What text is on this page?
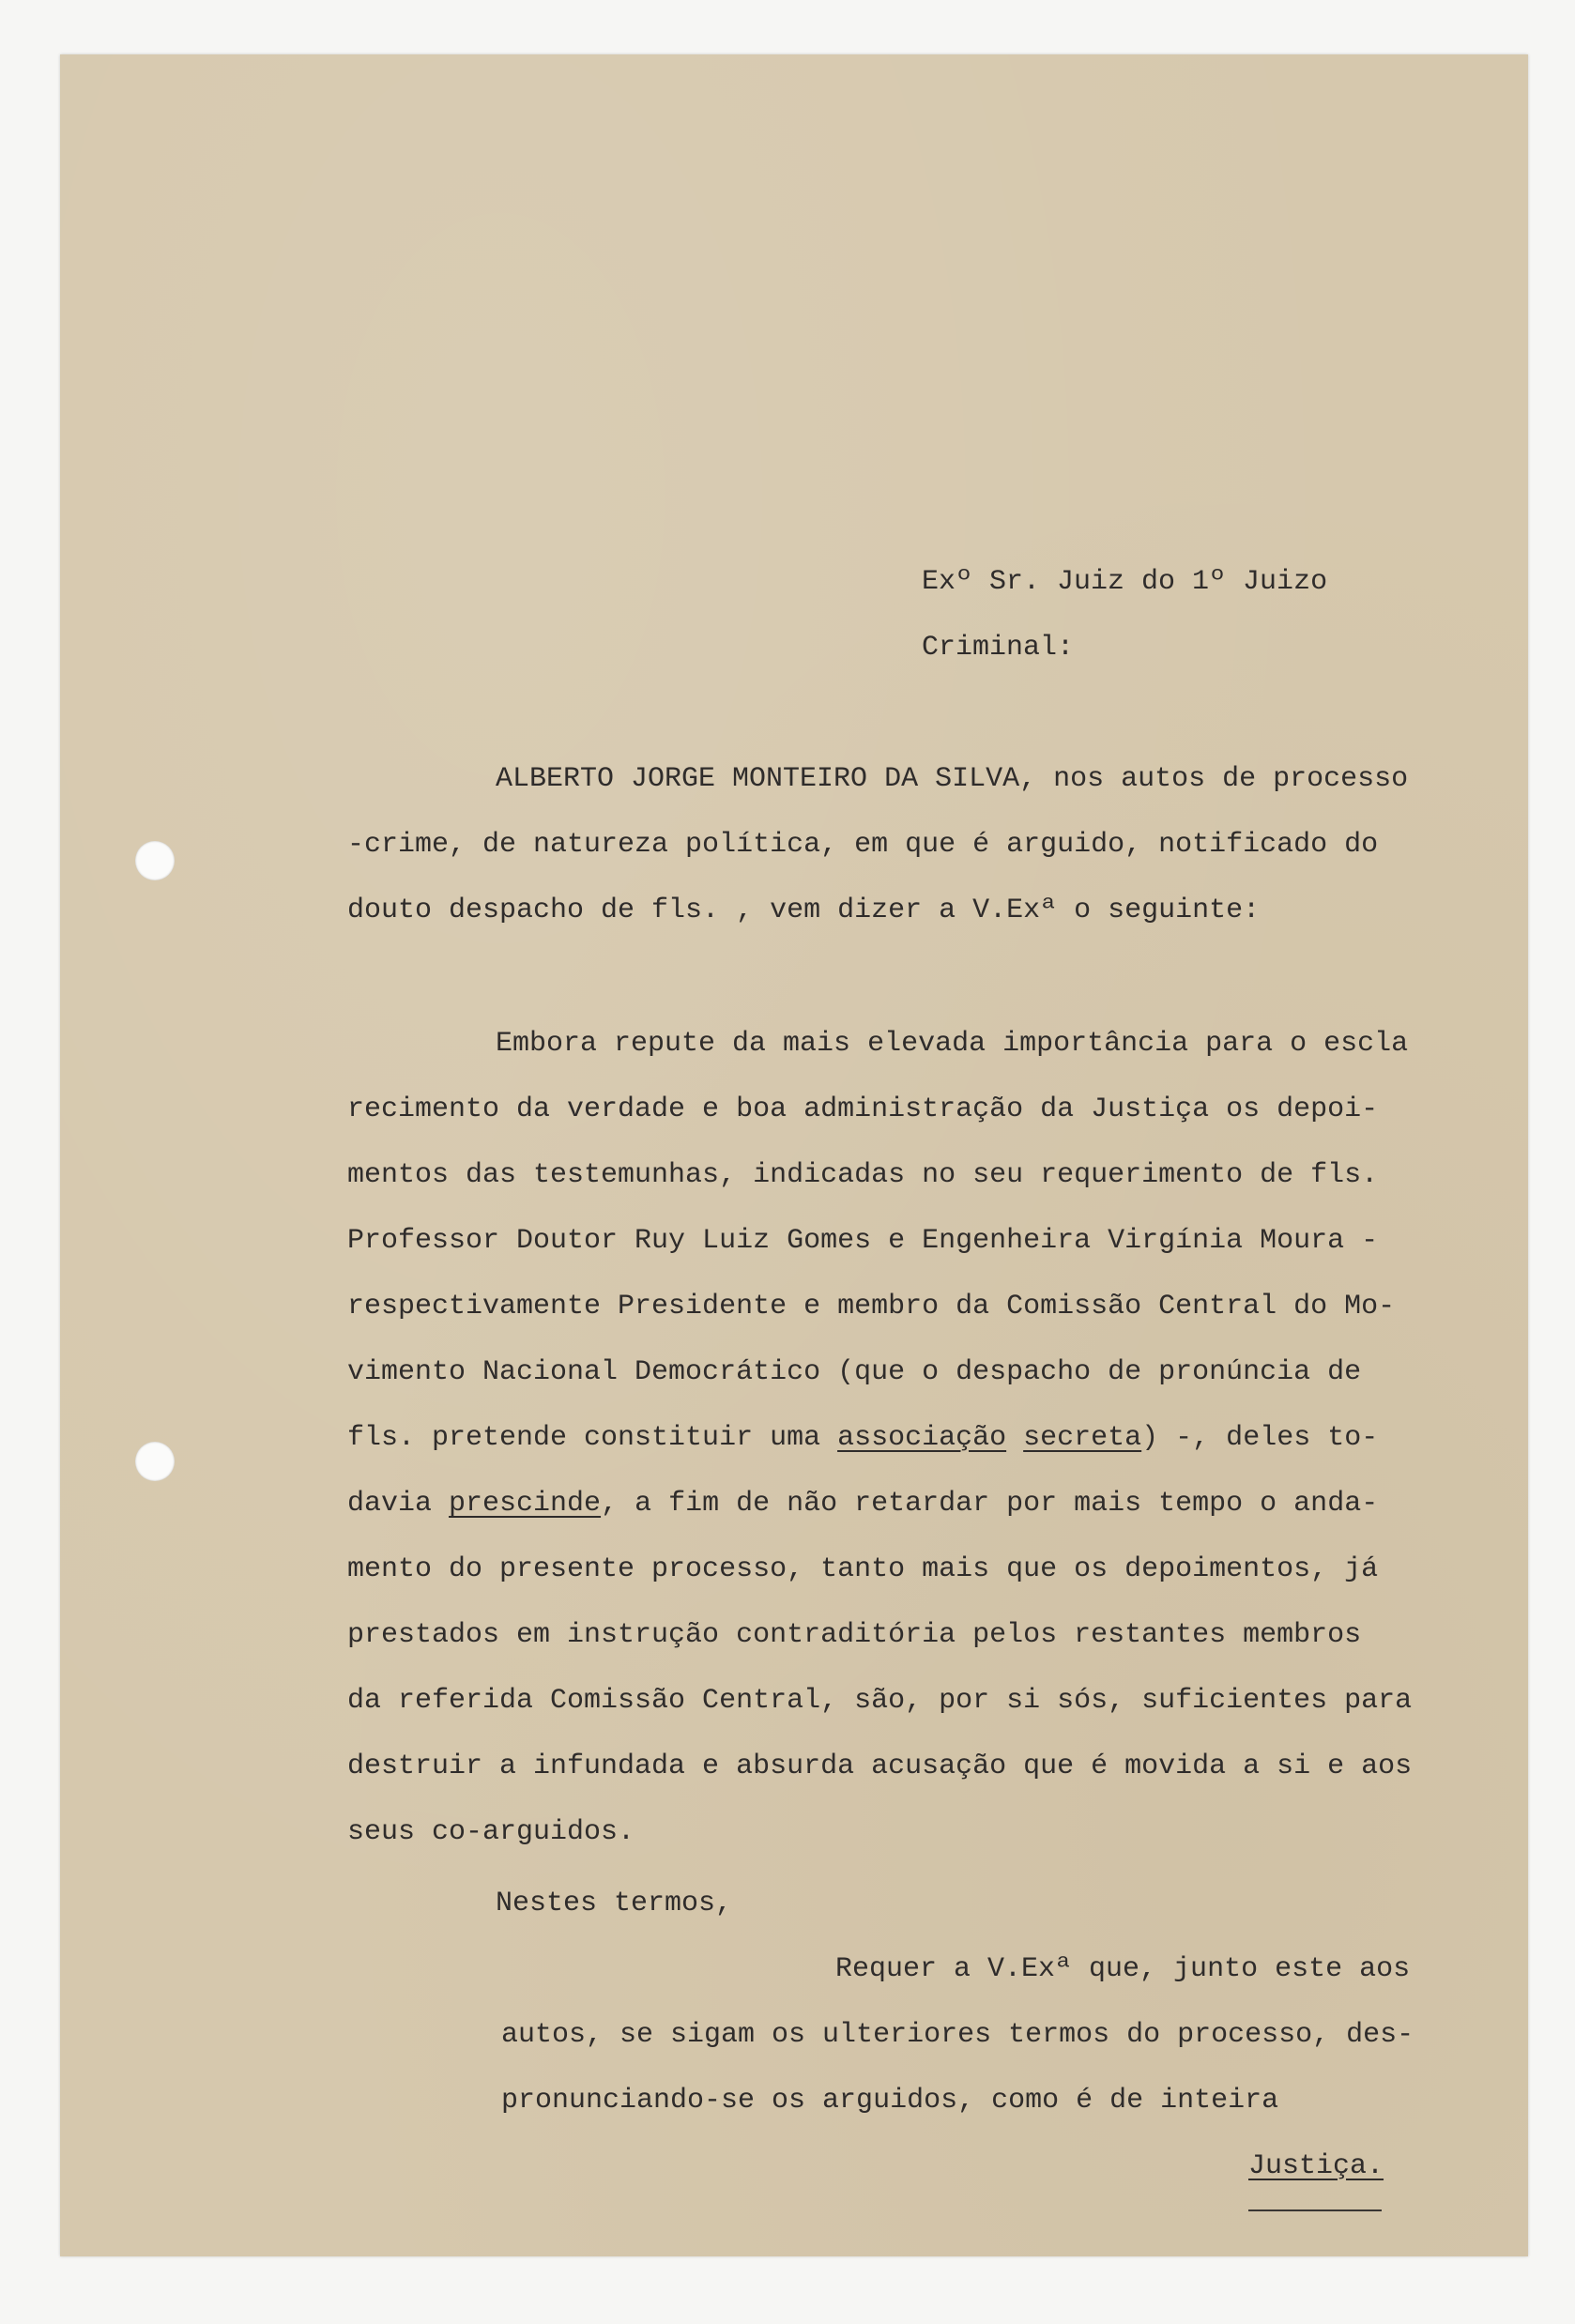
Exº Sr. Juiz do 1º Juizo

Criminal:

ALBERTO JORGE MONTEIRO DA SILVA, nos autos de processo

-crime, de natureza política, em que é arguido, notificado do

douto despacho de fls. , vem dizer a V.Exª o seguinte:

Embora repute da mais elevada importância para o escla

recimento da verdade e boa administração da Justiça os depoi-

mentos das testemunhas, indicadas no seu requerimento de fls.

Professor Doutor Ruy Luiz Gomes e Engenheira Virgínia Moura -

respectivamente Presidente e membro da Comissão Central do Mo-

vimento Nacional Democrático (que o despacho de pronúncia de

fls. pretende constituir uma associação secreta) -, deles to-

davia prescinde, a fim de não retardar por mais tempo o anda-

mento do presente processo, tanto mais que os depoimentos, já

prestados em instrução contraditória pelos restantes membros

da referida Comissão Central, são, por si sós, suficientes para

destruir a infundada e absurda acusação que é movida a si e aos

seus co-arguidos.

Nestes termos,

Requer a V.Exª que, junto este aos

autos, se sigam os ulteriores termos do processo, des-

pronunciando-se os arguidos, como é de inteira

Justiça.
